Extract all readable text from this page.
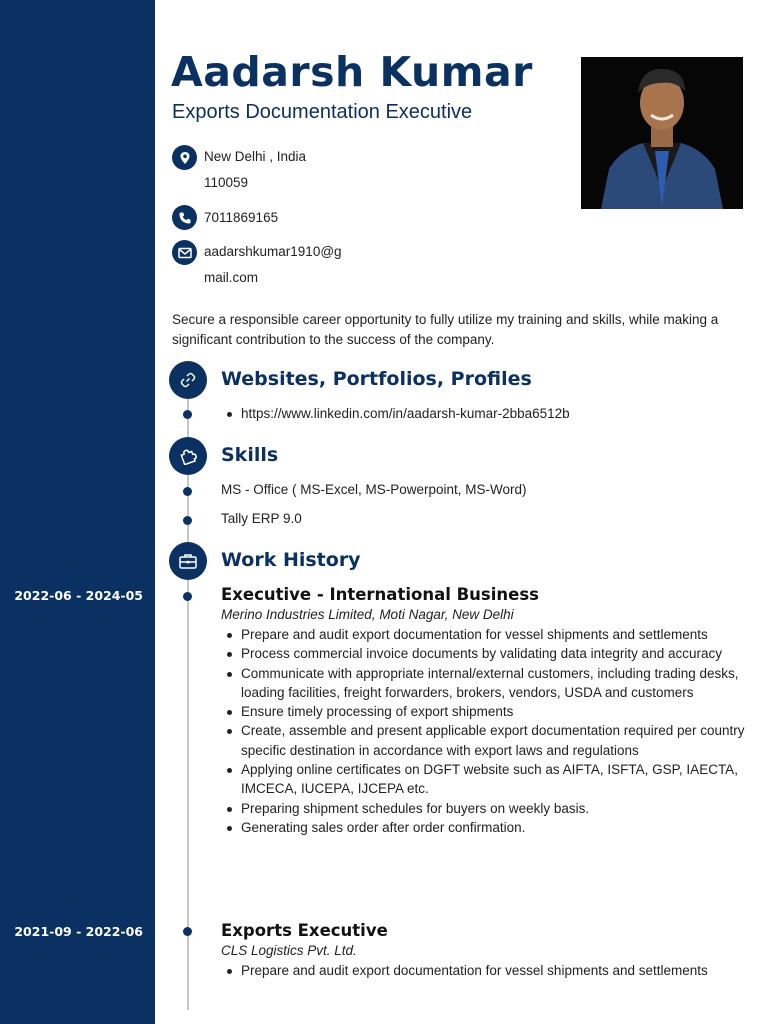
2022-06 - 2024-05
2021-09 - 2022-06
Aadarsh Kumar
Exports Documentation Executive
New Delhi , India
110059
7011869165
aadarshkumar1910@g
mail.com
Secure a responsible career opportunity to fully utilize my training and skills, while making a significant contribution to the success of the company.
Websites, Portfolios, Profiles
https://www.linkedin.com/in/aadarsh-kumar-2bba6512b
Skills
MS - Office ( MS-Excel, MS-Powerpoint, MS-Word)
Tally ERP 9.0
Work History
Executive - International Business
Merino Industries Limited, Moti Nagar, New Delhi
Prepare and audit export documentation for vessel shipments and settlements
Process commercial invoice documents by validating data integrity and accuracy
Communicate with appropriate internal/external customers, including trading desks, loading facilities, freight forwarders, brokers, vendors, USDA and customers
Ensure timely processing of export shipments
Create, assemble and present applicable export documentation required per country specific destination in accordance with export laws and regulations
Applying online certificates on DGFT website such as AIFTA, ISFTA, GSP, IAECTA, IMCECA, IUCEPA, IJCEPA etc.
Preparing shipment schedules for buyers on weekly basis.
Generating sales order after order confirmation.
Exports Executive
CLS Logistics Pvt. Ltd.
Prepare and audit export documentation for vessel shipments and settlements
